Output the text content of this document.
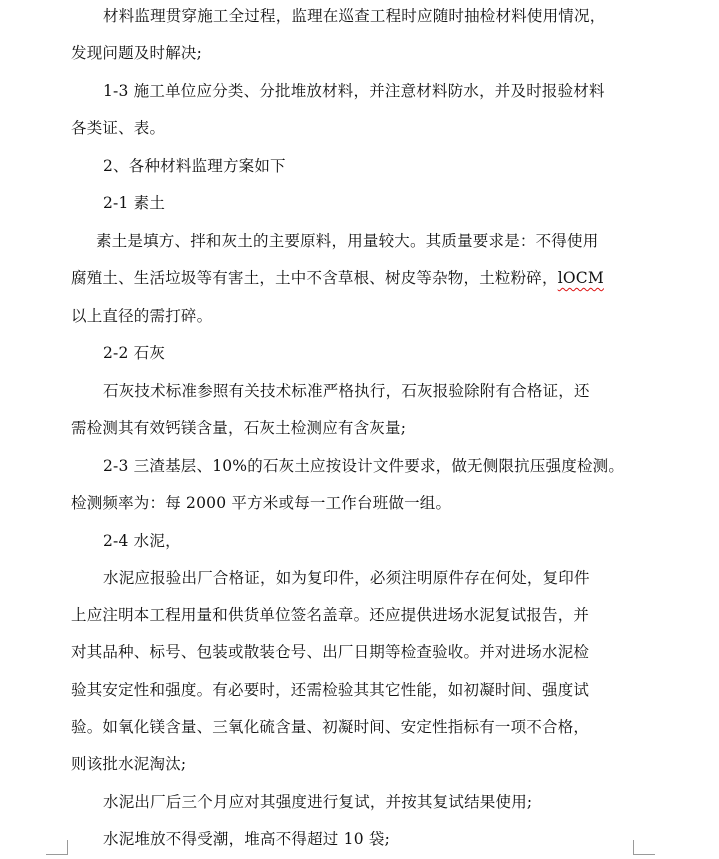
材料监理贯穿施工全过程，监理在巡查工程时应随时抽检材料使用情况，
发现问题及时解决;
1-3 施工单位应分类、分批堆放材料，并注意材料防水，并及时报验材料
各类证、表。
2、各种材料监理方案如下
2-1 素土
素土是填方、拌和灰土的主要原料，用量较大。其质量要求是：不得使用
腐殖土、生活垃圾等有害土，土中不含草根、树皮等杂物，土粒粉碎，lOCM
以上直径的需打碎。
2-2 石灰
石灰技术标准参照有关技术标准严格执行，石灰报验除附有合格证，还
需检测其有效钙镁含量，石灰土检测应有含灰量;
2-3 三渣基层、10%的石灰土应按设计文件要求，做无侧限抗压强度检测。
检测频率为：每 2000 平方米或每一工作台班做一组。
2-4 水泥，
水泥应报验出厂合格证，如为复印件，必须注明原件存在何处，复印件
上应注明本工程用量和供货单位签名盖章。还应提供进场水泥复试报告，并
对其品种、标号、包装或散装仓号、出厂日期等检查验收。并对进场水泥检
验其安定性和强度。有必要时，还需检验其其它性能，如初凝时间、强度试
验。如氧化镁含量、三氧化硫含量、初凝时间、安定性指标有一项不合格，
则该批水泥淘汰;
水泥出厂后三个月应对其强度进行复试，并按其复试结果使用;
水泥堆放不得受潮，堆高不得超过 10 袋;
